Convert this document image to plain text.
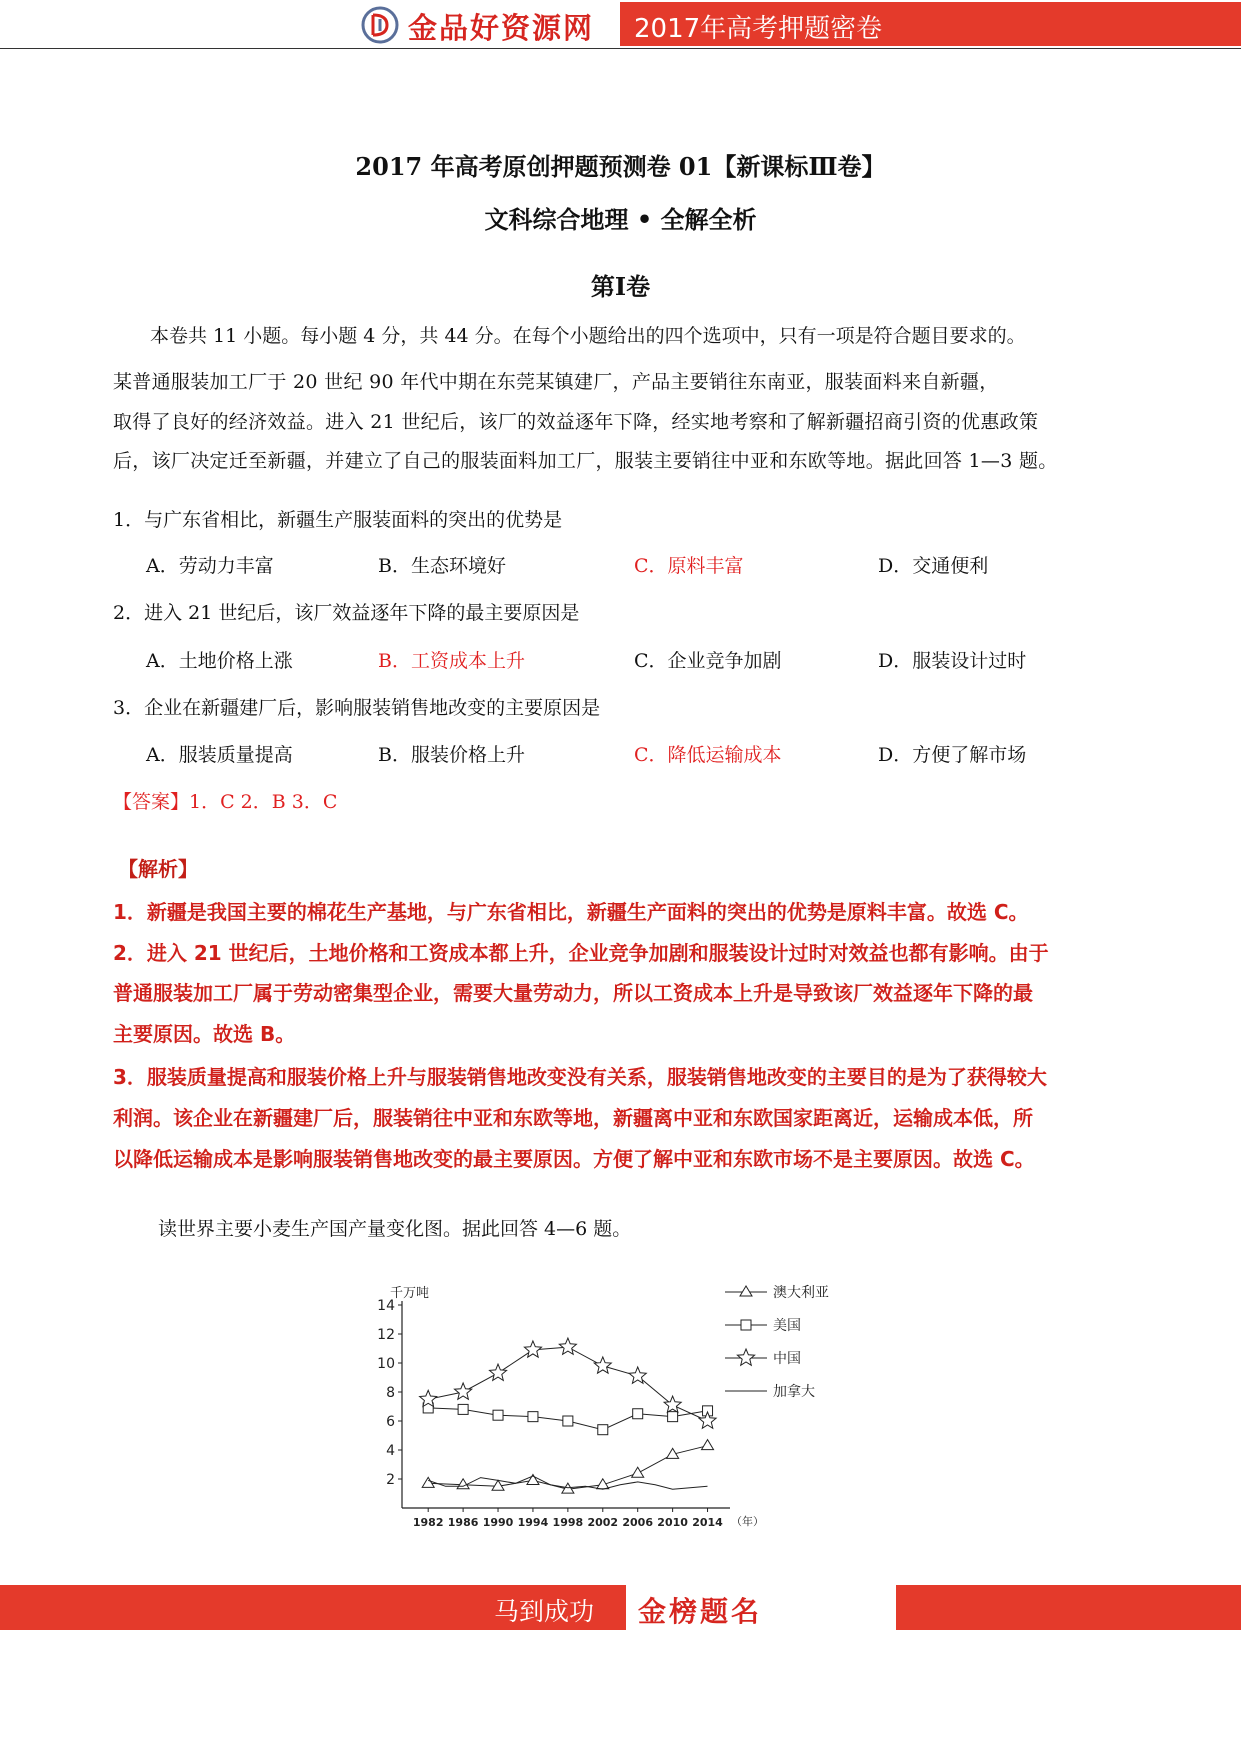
金品好资源网 2017年高考押题密卷
2017 年高考原创押题预测卷 01【新课标Ⅲ卷】
文科综合地理 • 全解全析
第Ⅰ卷
本卷共 11 小题。每小题 4 分，共 44 分。在每个小题给出的四个选项中，只有一项是符合题目要求的。
某普通服装加工厂于 20 世纪 90 年代中期在东莞某镇建厂，产品主要销往东南亚，服装面料来自新疆，
取得了良好的经济效益。进入 21 世纪后，该厂的效益逐年下降，经实地考察和了解新疆招商引资的优惠政策
后，该厂决定迁至新疆，并建立了自己的服装面料加工厂，服装主要销往中亚和东欧等地。据此回答 1—3 题。
1．与广东省相比，新疆生产服装面料的突出的优势是
A．劳动力丰富	B．生态环境好	C．原料丰富	D．交通便利
2．进入 21 世纪后，该厂效益逐年下降的最主要原因是
A．土地价格上涨	B．工资成本上升	C．企业竞争加剧	D．服装设计过时
3．企业在新疆建厂后，影响服装销售地改变的主要原因是
A．服装质量提高	B．服装价格上升	C．降低运输成本	D．方便了解市场
【答案】1．C 2．B 3．C
【解析】
1．新疆是我国主要的棉花生产基地，与广东省相比，新疆生产面料的突出的优势是原料丰富。故选 C。
2．进入 21 世纪后，土地价格和工资成本都上升，企业竞争加剧和服装设计过时对效益也都有影响。由于
普通服装加工厂属于劳动密集型企业，需要大量劳动力，所以工资成本上升是导致该厂效益逐年下降的最
主要原因。故选 B。
3．服装质量提高和服装价格上升与服装销售地改变没有关系，服装销售地改变的主要目的是为了获得较大
利润。该企业在新疆建厂后，服装销往中亚和东欧等地，新疆离中亚和东欧国家距离近，运输成本低，所
以降低运输成本是影响服装销售地改变的最主要原因。方便了解中亚和东欧市场不是主要原因。故选 C。
读世界主要小麦生产国产量变化图。据此回答 4—6 题。
千万吨
2
4
6
8
10
12
14
1982 1986 1990 1994 1998 2002 2006 2010 2014 （年）
澳大利亚
美国
中国
加拿大
马到成功 金榜题名
